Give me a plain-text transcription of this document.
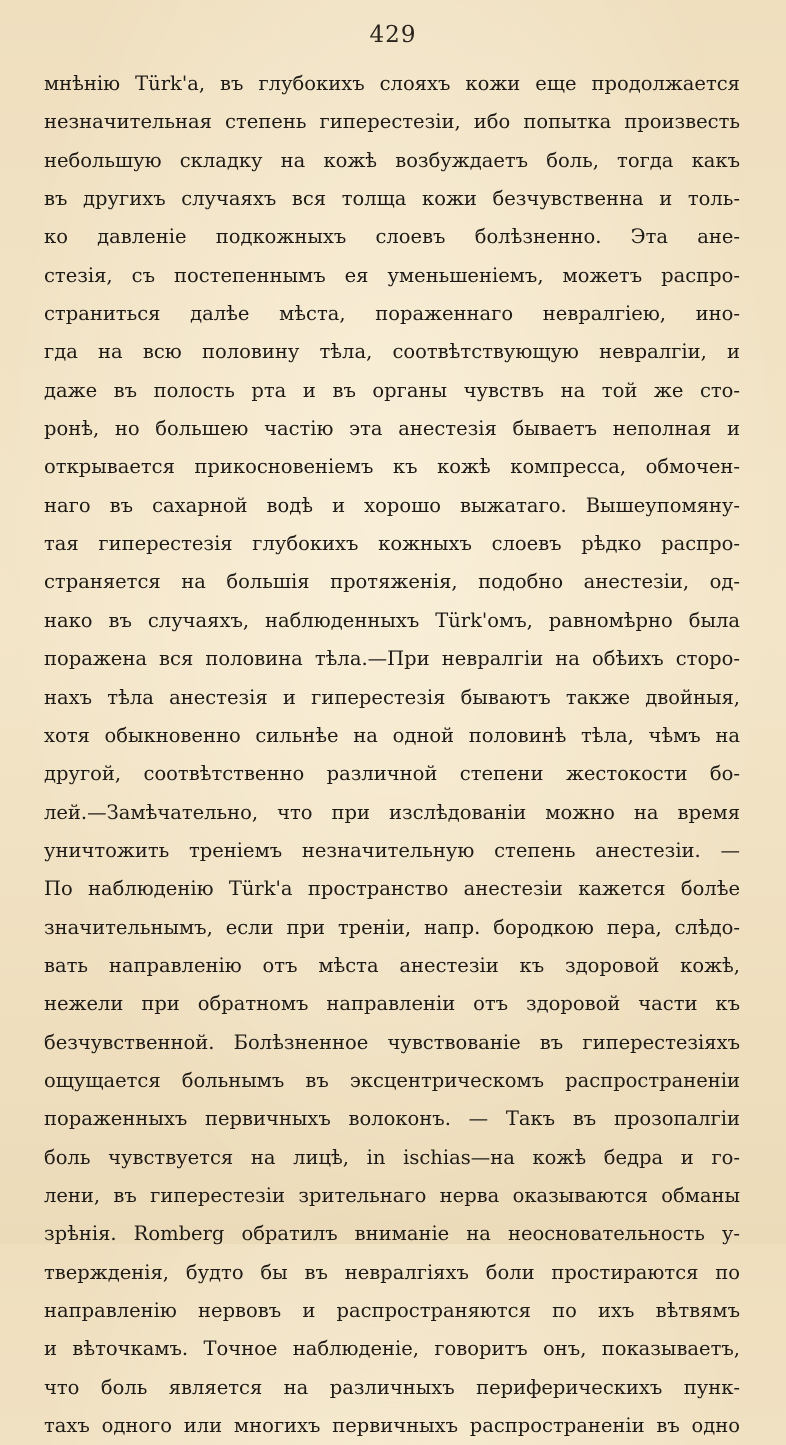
429
мнѣнію Türk'а, въ глубокихъ слояхъ кожи еще продолжается
незначительная степень гиперестезіи, ибо попытка произвесть
небольшую складку на кожѣ возбуждаетъ боль, тогда какъ
въ другихъ случаяхъ вся толща кожи безчувственна и толь-
ко давленіе подкожныхъ слоевъ болѣзненно. Эта анe-
стезія, съ постепеннымъ ея уменьшеніемъ, можетъ распро-
страниться далѣе мѣста, пораженнаго невралгіею, ино-
гда на всю половину тѣла, соотвѣтствующую невралгіи, и
даже въ полость рта и въ органы чувствъ на той же сто-
ронѣ, но большею частію эта анестезія бываетъ неполная и
открывается прикосновеніемъ къ кожѣ компресса, обмочен-
наго въ сахарной водѣ и хорошо выжатаго. Вышеупомяну-
тая гиперестезія глубокихъ кожныхъ слоевъ рѣдко распро-
страняется на большія протяженія, подобно анестезіи, од-
нако въ случаяхъ, наблюденныхъ Türk'омъ, равномѣрно была
поражена вся половина тѣла.—При невралгіи на обѣихъ сторо-
нахъ тѣла анестезія и гиперестезія бываютъ также двойныя,
хотя обыкновенно сильнѣе на одной половинѣ тѣла, чѣмъ на
другой, соотвѣтственно различной степени жестокости бо-
лей.—Замѣчательно, что при изслѣдованіи можно на время
уничтожить треніемъ незначительную степень анестезіи. —
По наблюденію Türk'а пространство анестезіи кажется болѣе
значительнымъ, если при треніи, напр. бородкою пера, слѣдо-
вать направленію отъ мѣста анестезіи къ здоровой кожѣ,
нежели при обратномъ направленіи отъ здоровой части къ
безчувственной. Болѣзненное чувствованіе въ гиперестезіяхъ
ощущается больнымъ въ эксцентрическомъ распространеніи
пораженныхъ первичныхъ волоконъ. — Такъ въ прозопалгіи
боль чувствуется на лицѣ, in ischias—на кожѣ бедра и го-
лени, въ гиперестезіи зрительнаго нерва оказываются обманы
зрѣнія. Romberg обратилъ вниманіе на неосновательность у-
твержденія, будто бы въ невралгіяхъ боли простираются по
направленію нервовъ и распространяются по ихъ вѣтвямъ
и вѣточкамъ. Точное наблюденіе, говоритъ онъ, показываетъ,
что боль является на различныхъ периферическихъ пунк-
тахъ одного или многихъ первичныхъ распространеніи въ одно
